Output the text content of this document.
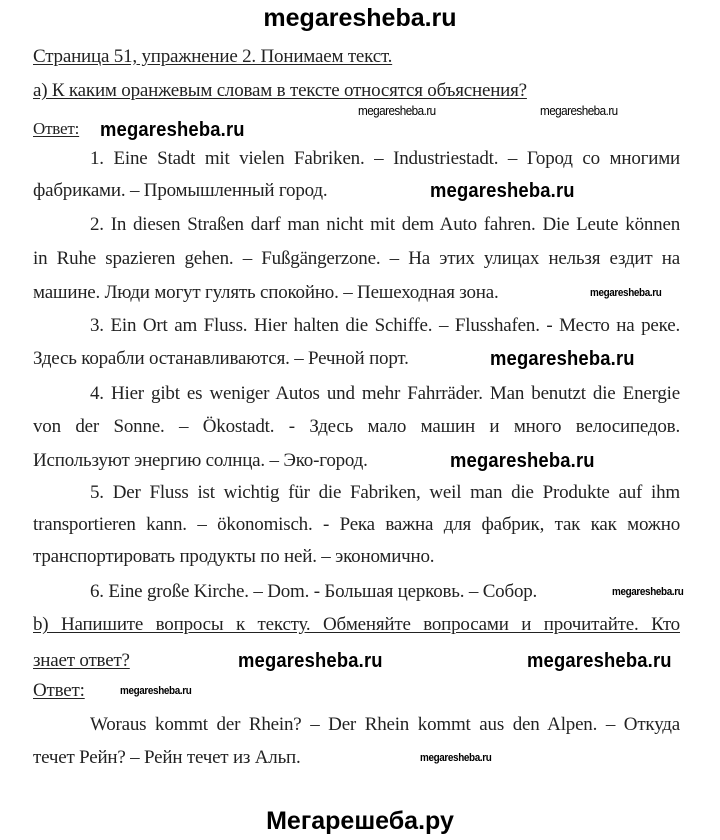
megaresheba.ru
Страница 51, упражнение 2. Понимаем текст.
а) К каким оранжевым словам в тексте относятся объяснения?
megaresheba.ru	megaresheba.ru
Ответ: megaresheba.ru
1. Eine Stadt mit vielen Fabriken. – Industriestadt. – Город со многими
фабриками. – Промышленный город.	megaresheba.ru
2. In diesen Straßen darf man nicht mit dem Auto fahren. Die Leute können
in Ruhe spazieren gehen. – Fußgängerzone. – На этих улицах нельзя ездит на
машине. Люди могут гулять спокойно. – Пешеходная зона.	megaresheba.ru
3. Ein Ort am Fluss. Hier halten die Schiffe. – Flusshafen. - Место на реке.
Здесь корабли останавливаются. – Речной порт.	megaresheba.ru
4. Hier gibt es weniger Autos und mehr Fahrräder. Man benutzt die Energie
von der Sonne. – Ökostadt. - Здесь мало машин и много велосипедов.
Используют энергию солнца. – Эко-город.	megaresheba.ru
5. Der Fluss ist wichtig für die Fabriken, weil man die Produkte auf ihm
transportieren kann. – ökonomisch. - Река важна для фабрик, так как можно
транспортировать продукты по ней. – экономично.
6. Eine große Kirche. – Dom. - Большая церковь. – Собор.	megaresheba.ru
b) Напишите вопросы к тексту. Обменяйте вопросами и прочитайте. Кто
знает ответ?	megaresheba.ru	megaresheba.ru
Ответ:	megaresheba.ru
Woraus kommt der Rhein? – Der Rhein kommt aus den Alpen. – Откуда
течет Рейн? – Рейн течет из Альп.	megaresheba.ru
Мегарешеба.ру
